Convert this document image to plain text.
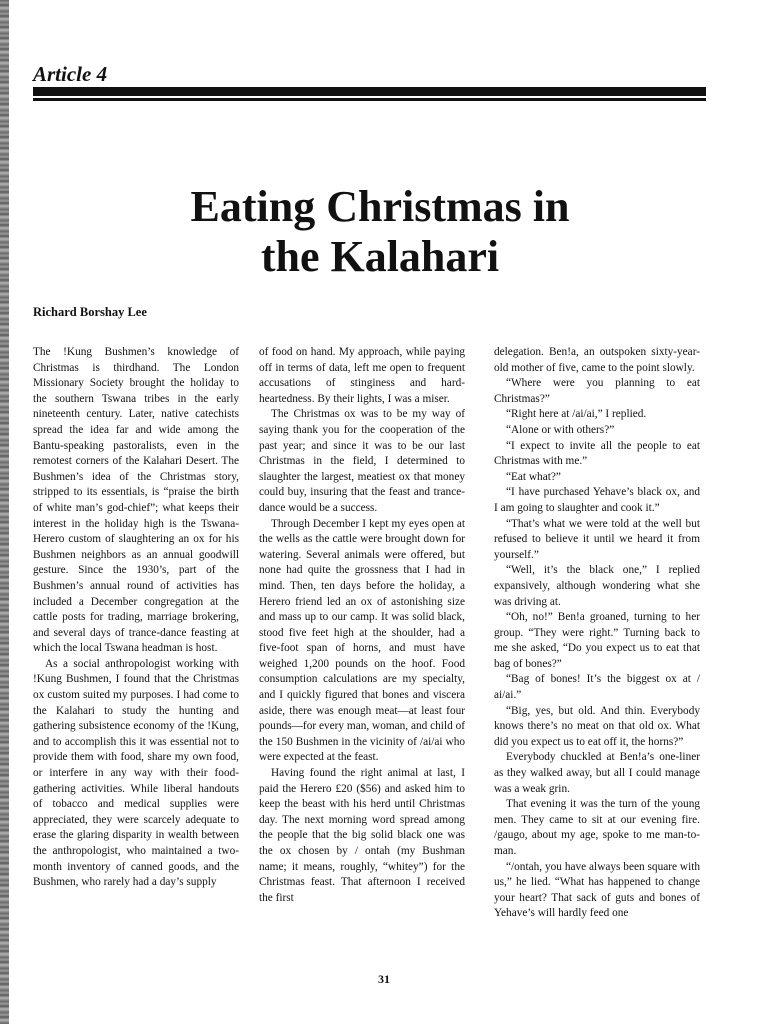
Article 4
Eating Christmas in
the Kalahari
Richard Borshay Lee

The !Kung Bushmen’s knowledge of Christmas is thirdhand. The London Missionary Society brought the holiday to the southern Tswana tribes in the early nineteenth century. Later, native catechists spread the idea far and wide among the Bantu-speaking pastoralists, even in the remotest corners of the Kalahari Desert. The Bushmen’s idea of the Christmas story, stripped to its essentials, is “praise the birth of white man’s god-chief”; what keeps their interest in the holiday high is the Tswana-Herero custom of slaughtering an ox for his Bushmen neighbors as an annual goodwill gesture. Since the 1930’s, part of the Bushmen’s annual round of activities has included a December congregation at the cattle posts for trading, marriage brokering, and several days of trance-dance feasting at which the local Tswana headman is host.

As a social anthropologist working with !Kung Bushmen, I found that the Christmas ox custom suited my purposes. I had come to the Kalahari to study the hunting and gathering subsistence economy of the !Kung, and to accomplish this it was essential not to provide them with food, share my own food, or interfere in any way with their food-gathering activities. While liberal handouts of tobacco and medical supplies were appreciated, they were scarcely adequate to erase the glaring disparity in wealth between the anthropologist, who maintained a two-month inventory of canned goods, and the Bushmen, who rarely had a day’s supply

of food on hand. My approach, while paying off in terms of data, left me open to frequent accusations of stinginess and hard-heartedness. By their lights, I was a miser.

The Christmas ox was to be my way of saying thank you for the cooperation of the past year; and since it was to be our last Christmas in the field, I determined to slaughter the largest, meatiest ox that money could buy, insuring that the feast and trance-dance would be a success.

Through December I kept my eyes open at the wells as the cattle were brought down for watering. Several animals were offered, but none had quite the grossness that I had in mind. Then, ten days before the holiday, a Herero friend led an ox of astonishing size and mass up to our camp. It was solid black, stood five feet high at the shoulder, had a five-foot span of horns, and must have weighed 1,200 pounds on the hoof. Food consumption calculations are my specialty, and I quickly figured that bones and viscera aside, there was enough meat—at least four pounds—for every man, woman, and child of the 150 Bushmen in the vicinity of /ai/ai who were expected at the feast.

Having found the right animal at last, I paid the Herero £20 ($56) and asked him to keep the beast with his herd until Christmas day. The next morning word spread among the people that the big solid black one was the ox chosen by / ontah (my Bushman name; it means, roughly, “whitey”) for the Christmas feast. That afternoon I received the first

delegation. Ben!a, an outspoken sixty-year-old mother of five, came to the point slowly.

“Where were you planning to eat Christmas?”

“Right here at /ai/ai,” I replied.

“Alone or with others?”

“I expect to invite all the people to eat Christmas with me.”

“Eat what?”

“I have purchased Yehave’s black ox, and I am going to slaughter and cook it.”

“That’s what we were told at the well but refused to believe it until we heard it from yourself.”

“Well, it’s the black one,” I replied expansively, although wondering what she was driving at.

“Oh, no!” Ben!a groaned, turning to her group. “They were right.” Turning back to me she asked, “Do you expect us to eat that bag of bones?”

“Bag of bones! It’s the biggest ox at / ai/ai.”

“Big, yes, but old. And thin. Everybody knows there’s no meat on that old ox. What did you expect us to eat off it, the horns?”

Everybody chuckled at Ben!a’s one-liner as they walked away, but all I could manage was a weak grin.

That evening it was the turn of the young men. They came to sit at our evening fire. /gaugo, about my age, spoke to me man-to-man.

“/ontah, you have always been square with us,” he lied. “What has happened to change your heart? That sack of guts and bones of Yehave’s will hardly feed one

31
